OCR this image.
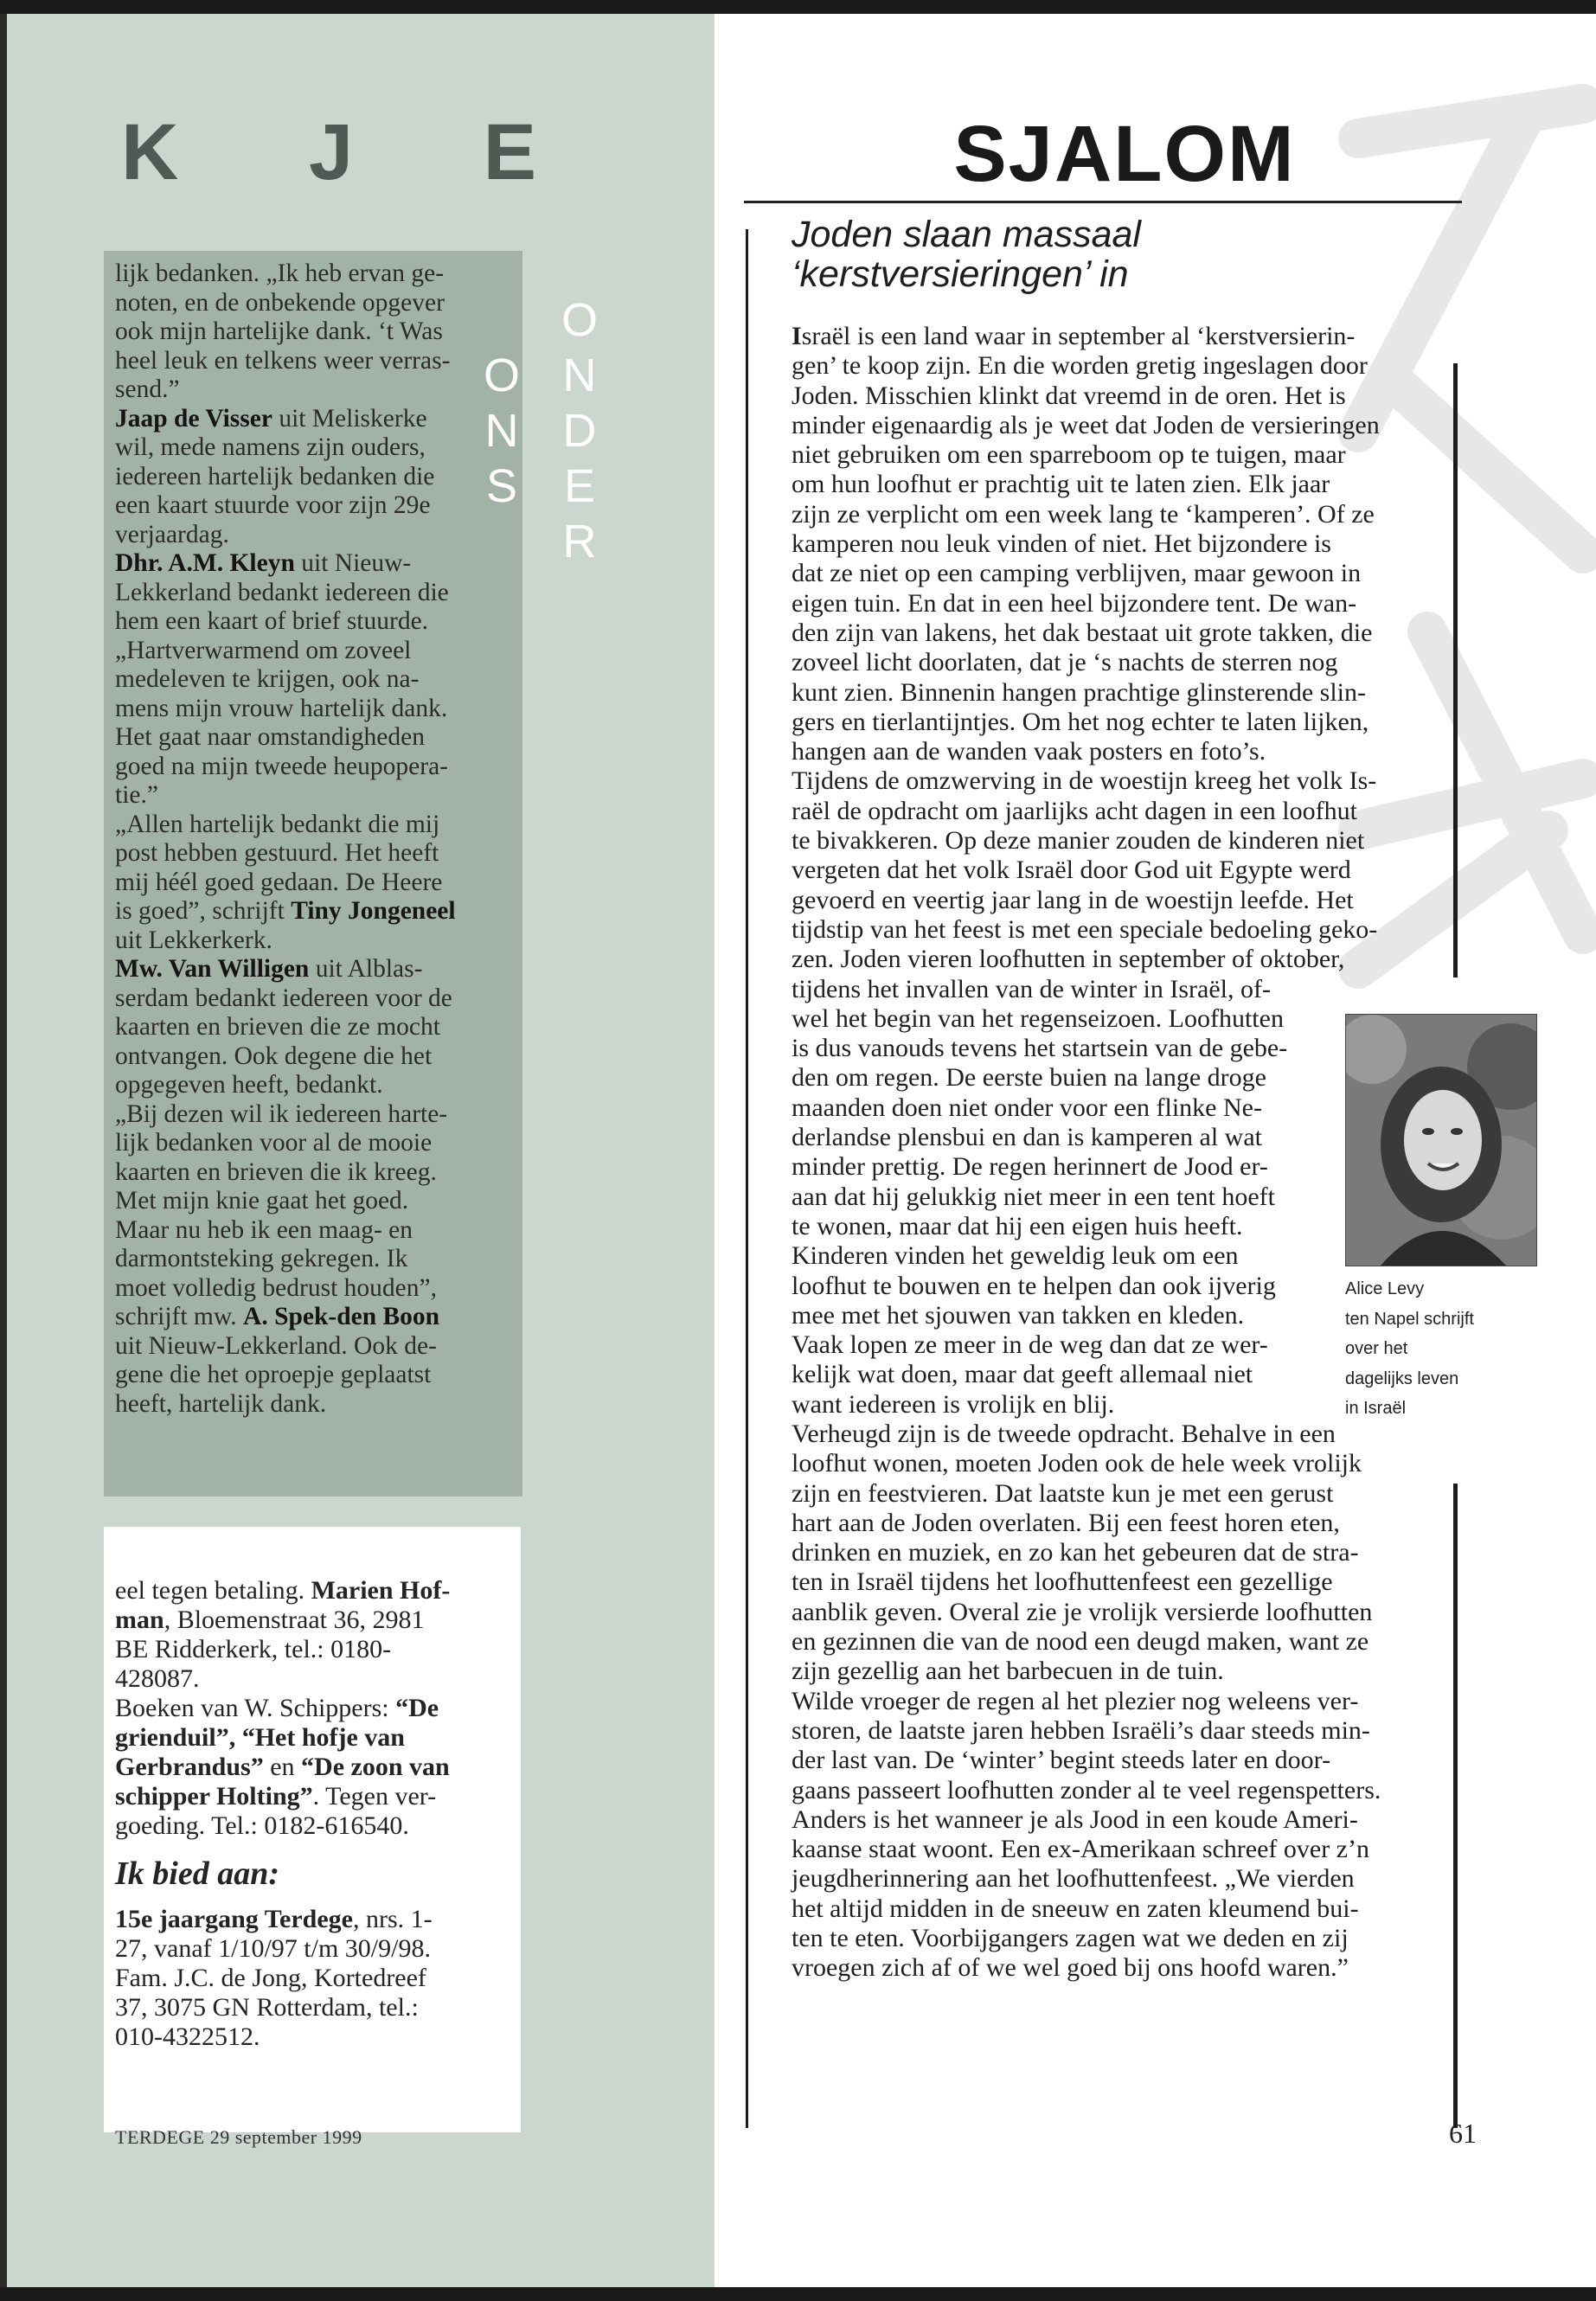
K J E
ONDER ONS
lijk bedanken. „Ik heb ervan ge-
noten, en de onbekende opgever
ook mijn hartelijke dank. ‘t Was
heel leuk en telkens weer verras-
send.”
Jaap de Visser uit Meliskerke
wil, mede namens zijn ouders,
iedereen hartelijk bedanken die
een kaart stuurde voor zijn 29e
verjaardag.
Dhr. A.M. Kleyn uit Nieuw-
Lekkerland bedankt iedereen die
hem een kaart of brief stuurde.
„Hartverwarmend om zoveel
medeleven te krijgen, ook na-
mens mijn vrouw hartelijk dank.
Het gaat naar omstandigheden
goed na mijn tweede heupopera-
tie.”
„Allen hartelijk bedankt die mij
post hebben gestuurd. Het heeft
mij héél goed gedaan. De Heere
is goed”, schrijft Tiny Jongeneel
uit Lekkerkerk.
Mw. Van Willigen uit Alblas-
serdam bedankt iedereen voor de
kaarten en brieven die ze mocht
ontvangen. Ook degene die het
opgegeven heeft, bedankt.
„Bij dezen wil ik iedereen harte-
lijk bedanken voor al de mooie
kaarten en brieven die ik kreeg.
Met mijn knie gaat het goed.
Maar nu heb ik een maag- en
darmontsteking gekregen. Ik
moet volledig bedrust houden”,
schrijft mw. A. Spek-den Boon
uit Nieuw-Lekkerland. Ook de-
gene die het oproepje geplaatst
heeft, hartelijk dank.
eel tegen betaling. Marien Hof-
man, Bloemenstraat 36, 2981
BE Ridderkerk, tel.: 0180-
428087.
Boeken van W. Schippers: “De
grienduil”, “Het hofje van
Gerbrandus” en “De zoon van
schipper Holting”. Tegen ver-
goeding. Tel.: 0182-616540.

Ik bied aan:

15e jaargang Terdege, nrs. 1-
27, vanaf 1/10/97 t/m 30/9/98.
Fam. J.C. de Jong, Kortedreef
37, 3075 GN Rotterdam, tel.:
010-4322512.
TERDEGE 29 september 1999
SJALOM
Joden slaan massaal
‘kerstversieringen’ in
Israël is een land waar in september al ‘kerstversierin-
gen’ te koop zijn. En die worden gretig ingeslagen door
Joden. Misschien klinkt dat vreemd in de oren. Het is
minder eigenaardig als je weet dat Joden de versieringen
niet gebruiken om een sparreboom op te tuigen, maar
om hun loofhut er prachtig uit te laten zien. Elk jaar
zijn ze verplicht om een week lang te ‘kamperen’. Of ze
kamperen nou leuk vinden of niet. Het bijzondere is
dat ze niet op een camping verblijven, maar gewoon in
eigen tuin. En dat in een heel bijzondere tent. De wan-
den zijn van lakens, het dak bestaat uit grote takken, die
zoveel licht doorlaten, dat je ‘s nachts de sterren nog
kunt zien. Binnenin hangen prachtige glinsterende slin-
gers en tierlantijntjes. Om het nog echter te laten lijken,
hangen aan de wanden vaak posters en foto’s.
Tijdens de omzwerving in de woestijn kreeg het volk Is-
raël de opdracht om jaarlijks acht dagen in een loofhut
te bivakkeren. Op deze manier zouden de kinderen niet
vergeten dat het volk Israël door God uit Egypte werd
gevoerd en veertig jaar lang in de woestijn leefde. Het
tijdstip van het feest is met een speciale bedoeling geko-
zen. Joden vieren loofhutten in september of oktober,
tijdens het invallen van de winter in Israël, of-
wel het begin van het regenseizoen. Loofhutten
is dus vanouds tevens het startsein van de gebe-
den om regen. De eerste buien na lange droge
maanden doen niet onder voor een flinke Ne-
derlandse plensbui en dan is kamperen al wat
minder prettig. De regen herinnert de Jood er-
aan dat hij gelukkig niet meer in een tent hoeft
te wonen, maar dat hij een eigen huis heeft.
Kinderen vinden het geweldig leuk om een
loofhut te bouwen en te helpen dan ook ijverig
mee met het sjouwen van takken en kleden.
Vaak lopen ze meer in de weg dan dat ze wer-
kelijk wat doen, maar dat geeft allemaal niet
want iedereen is vrolijk en blij.
Verheugd zijn is de tweede opdracht. Behalve in een
loofhut wonen, moeten Joden ook de hele week vrolijk
zijn en feestvieren. Dat laatste kun je met een gerust
hart aan de Joden overlaten. Bij een feest horen eten,
drinken en muziek, en zo kan het gebeuren dat de stra-
ten in Israël tijdens het loofhuttenfeest een gezellige
aanblik geven. Overal zie je vrolijk versierde loofhutten
en gezinnen die van de nood een deugd maken, want ze
zijn gezellig aan het barbecuen in de tuin.
Wilde vroeger de regen al het plezier nog weleens ver-
storen, de laatste jaren hebben Israëli’s daar steeds min-
der last van. De ‘winter’ begint steeds later en door-
gaans passeert loofhutten zonder al te veel regenspetters.
Anders is het wanneer je als Jood in een koude Ameri-
kaanse staat woont. Een ex-Amerikaan schreef over z’n
jeugdherinnering aan het loofhuttenfeest. „We vierden
het altijd midden in de sneeuw en zaten kleumend bui-
ten te eten. Voorbijgangers zagen wat we deden en zij
vroegen zich af of we wel goed bij ons hoofd waren.”
Alice Levy
ten Napel schrijft
over het
dagelijks leven
in Israël
61
